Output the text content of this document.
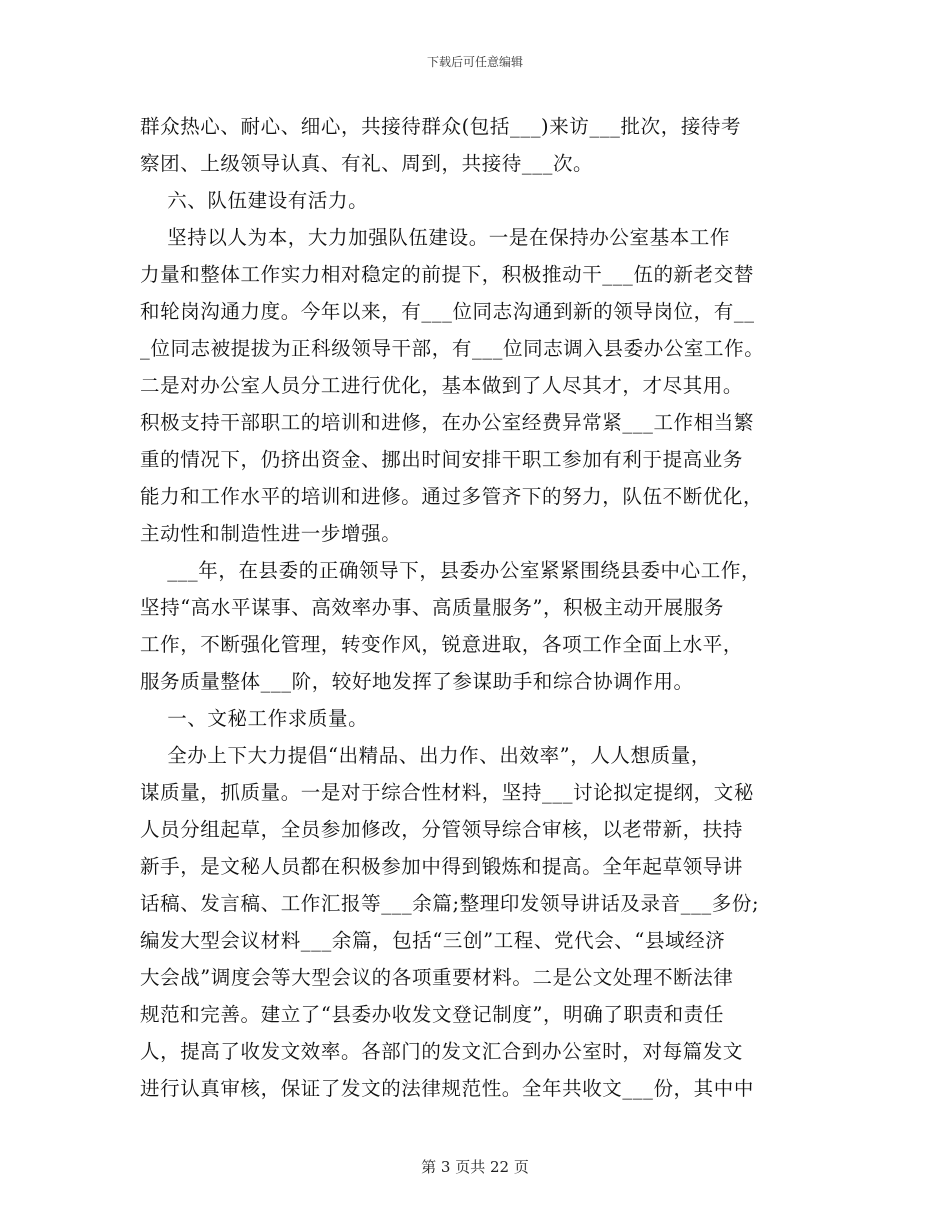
下载后可任意编辑
群众热心、耐心、细心，共接待群众(包括___)来访___批次，接待考
察团、上级领导认真、有礼、周到，共接待___次。
六、队伍建设有活力。
坚持以人为本，大力加强队伍建设。一是在保持办公室基本工作
力量和整体工作实力相对稳定的前提下，积极推动干___伍的新老交替
和轮岗沟通力度。今年以来，有___位同志沟通到新的领导岗位，有__
_位同志被提拔为正科级领导干部，有___位同志调入县委办公室工作。
二是对办公室人员分工进行优化，基本做到了人尽其才，才尽其用。
积极支持干部职工的培训和进修，在办公室经费异常紧___工作相当繁
重的情况下，仍挤出资金、挪出时间安排干职工参加有利于提高业务
能力和工作水平的培训和进修。通过多管齐下的努力，队伍不断优化，
主动性和制造性进一步增强。
___年，在县委的正确领导下，县委办公室紧紧围绕县委中心工作，
坚持“高水平谋事、高效率办事、高质量服务”，积极主动开展服务
工作，不断强化管理，转变作风，锐意进取，各项工作全面上水平，
服务质量整体___阶，较好地发挥了参谋助手和综合协调作用。
一、文秘工作求质量。
全办上下大力提倡“出精品、出力作、出效率”，人人想质量，
谋质量，抓质量。一是对于综合性材料，坚持___讨论拟定提纲，文秘
人员分组起草，全员参加修改，分管领导综合审核，以老带新，扶持
新手，是文秘人员都在积极参加中得到锻炼和提高。全年起草领导讲
话稿、发言稿、工作汇报等___余篇;整理印发领导讲话及录音___多份;
编发大型会议材料___余篇，包括“三创”工程、党代会、“县域经济
大会战”调度会等大型会议的各项重要材料。二是公文处理不断法律
规范和完善。建立了“县委办收发文登记制度”，明确了职责和责任
人，提高了收发文效率。各部门的发文汇合到办公室时，对每篇发文
进行认真审核，保证了发文的法律规范性。全年共收文___份，其中中
第 3 页共 22 页
